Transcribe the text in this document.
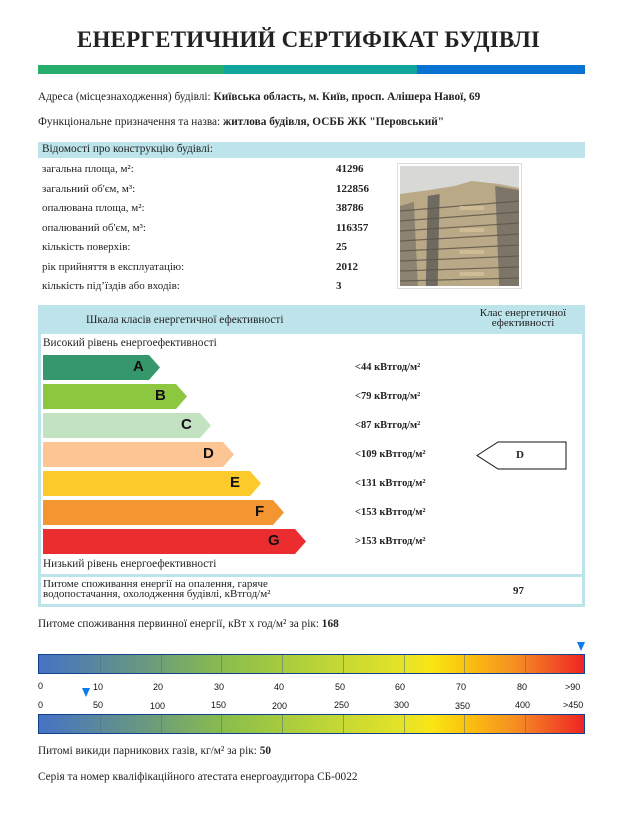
ЕНЕРГЕТИЧНИЙ СЕРТИФІКАТ БУДІВЛІ
Адреса (місцезнаходження) будівлі: Київська область, м. Київ, просп. Алішера Навої, 69
Функціональне призначення та назва: житлова будівля, ОСББ ЖК "Перовський"
Відомості про конструкцію будівлі:
загальна площа, м²:	41296
загальний об'єм, м³:	122856
опалювана площа, м²:	38786
опалюваний об'єм, м³:	116357
кількість поверхів:	25
рік прийняття в експлуатацію:	2012
кількість під’їздів або входів:	3
Шкала класів енергетичної ефективності
Клас енергетичної
ефективності
Високий рівень енергоефективності
A	<44 кВтгод/м²
B	<79 кВтгод/м²
C	<87 кВтгод/м²
D	<109 кВтгод/м²
E	<131 кВтгод/м²
F	<153 кВтгод/м²
G	>153 кВтгод/м²
Низький рівень енергоефективності
D
Питоме споживання енергії на опалення, гаряче
водопостачання, охолодження будівлі, кВтгод/м²	97
Питоме споживання первинної енергії, кВт х год/м² за рік: 168
0	10	20	30	40	50	60	70	80	>90
0	50	100	150	200	250	300	350	400	>450
Питомі викиди парникових газів, кг/м² за рік: 50
Серія та номер кваліфікаційного атестата енергоаудитора СБ-0022
